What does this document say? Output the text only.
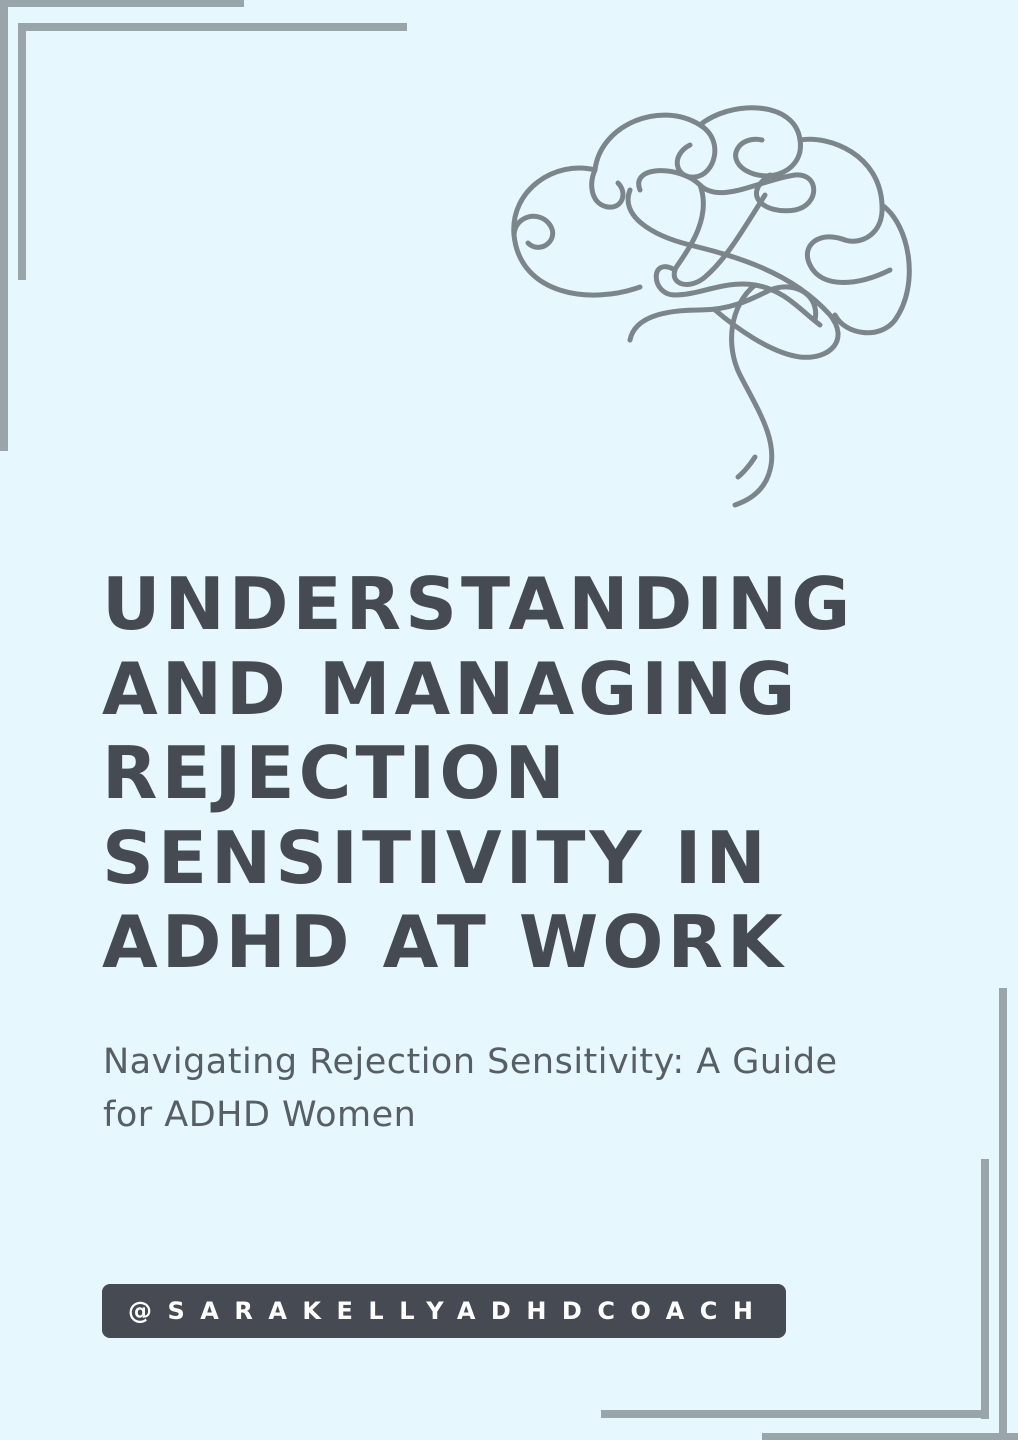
UNDERSTANDING
AND MANAGING
REJECTION
SENSITIVITY IN
ADHD AT WORK

Navigating Rejection Sensitivity: A Guide for ADHD Women

@SARAKELLYADHDCOACH
